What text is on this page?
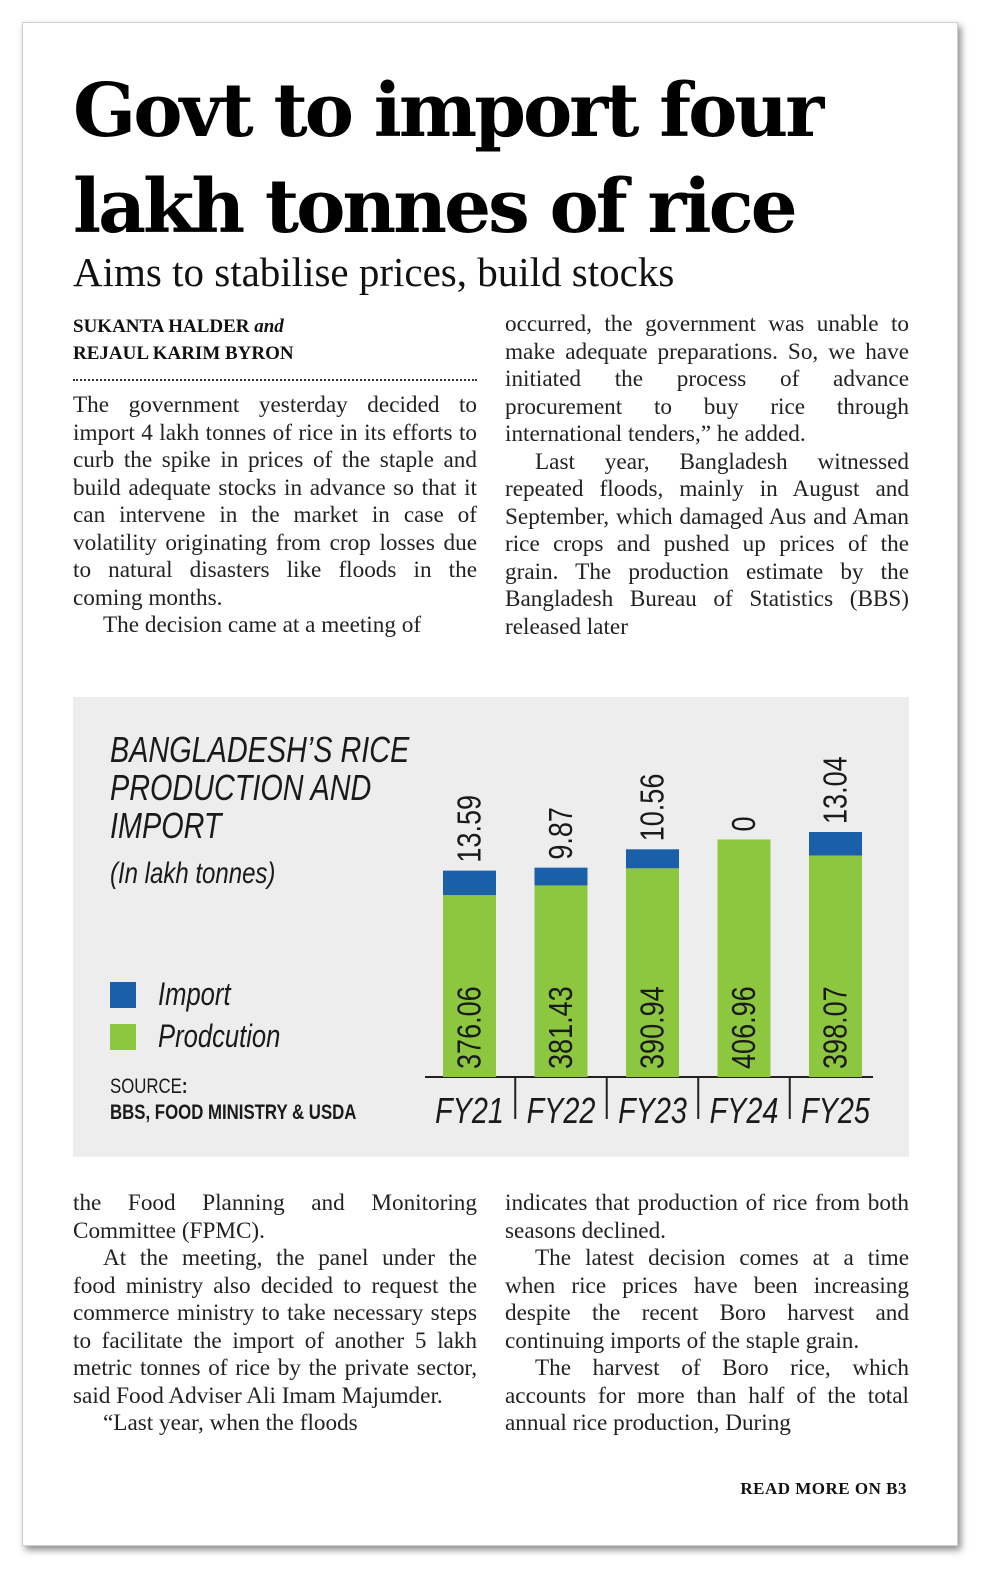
Govt to import four lakh tonnes of rice
Aims to stabilise prices, build stocks
SUKANTA HALDER and
REJAUL KARIM BYRON

The government yesterday decided to import 4 lakh tonnes of rice in its efforts to curb the spike in prices of the staple and build adequate stocks in advance so that it can intervene in the market in case of volatility originating from crop losses due to natural disasters like floods in the coming months.

The decision came at a meeting of

occurred, the government was unable to make adequate preparations. So, we have initiated the process of advance procurement to buy rice through international tenders,” he added.

Last year, Bangladesh witnessed repeated floods, mainly in August and September, which damaged Aus and Aman rice crops and pushed up prices of the grain. The production estimate by the Bangladesh Bureau of Statistics (BBS) released later

BANGLADESH’S RICE
PRODUCTION AND
IMPORT
(In lakh tonnes)
Import
Prodcution
SOURCE:
BBS, FOOD MINISTRY & USDA
376.06
13.59
FY21
381.43
9.87
FY22
390.94
10.56
FY23
406.96
0
FY24
398.07
13.04
FY25

the Food Planning and Monitoring Committee (FPMC).

At the meeting, the panel under the food ministry also decided to request the commerce ministry to take necessary steps to facilitate the import of another 5 lakh metric tonnes of rice by the private sector, said Food Adviser Ali Imam Majumder.

“Last year, when the floods

indicates that production of rice from both seasons declined.

The latest decision comes at a time when rice prices have been increasing despite the recent Boro harvest and continuing imports of the staple grain.

The harvest of Boro rice, which accounts for more than half of the total annual rice production, During

READ MORE ON B3
